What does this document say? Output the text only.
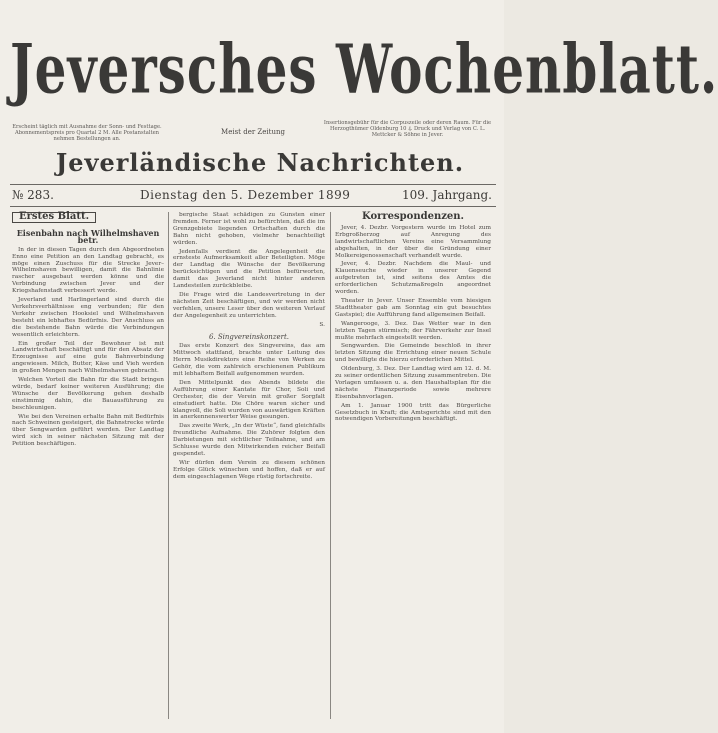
Jeversches Wochenblatt.
Erscheint täglich mit Ausnahme der Sonn- und Festtage. Abonnementspreis pro Quartal 2 M. Alle Postanstalten nehmen Bestellungen an.
Meist der Zeitung
Insertionsgebühr für die Corpuszeile oder deren Raum. Für die Herzogthümer Oldenburg 10 ₰. Druck und Verlag von C. L. Mettcker & Söhne in Jever.
Jeverländische Nachrichten.
№ 283.	Dienstag den 5. Dezember 1899	109. Jahrgang.
Erstes Blatt.
Eisenbahn nach Wilhelmshaven betr.

In der in diesen Tagen durch den Abgeordneten Enno eine Petition an den Landtag gebracht, es möge einen Zuschuss für die Strecke Jever–Wilhelmshaven bewilligen, damit die Bahnlinie rascher ausgebaut werden könne und die Verbindung zwischen Jever und der Kriegshafenstadt verbessert werde.

Jeverland und Harlingerland sind durch die Verkehrsverhältnisse eng verbunden; für den Verkehr zwischen Hooksiel und Wilhelmshaven besteht ein lebhaftes Bedürfnis. Der Anschluss an die bestehende Bahn würde die Verbindungen wesentlich erleichtern.

Ein großer Teil der Bewohner ist mit Landwirtschaft beschäftigt und für den Absatz der Erzeugnisse auf eine gute Bahnverbindung angewiesen. Milch, Butter, Käse und Vieh werden in großen Mengen nach Wilhelmshaven gebracht.

Welchen Vorteil die Bahn für die Stadt bringen würde, bedarf keiner weiteren Ausführung; die Wünsche der Bevölkerung gehen deshalb einstimmig dahin, die Bauausführung zu beschleunigen.

Wie bei den Vereinen erhalte Bahn mit Bedürfnis nach Schweinen gesteigert, die Bahnstrecke würde über Sengwarden geführt werden. Der Landtag wird sich in seiner nächsten Sitzung mit der Petition beschäftigen.

bergische Staat schädigen zu Gunsten einer fremden. Ferner ist wohl zu befürchten, daß die im Grenzgebiete liegenden Ortschaften durch die Bahn nicht gehoben, vielmehr benachteiligt würden.

Jedenfalls verdient die Angelegenheit die ernsteste Aufmerksamkeit aller Beteiligten. Möge der Landtag die Wünsche der Bevölkerung berücksichtigen und die Petition befürworten, damit das Jeverland nicht hinter anderen Landesteilen zurückbleibe.

Die Frage wird die Landesvertretung in der nächsten Zeit beschäftigen, und wir werden nicht verfehlen, unsere Leser über den weiteren Verlauf der Angelegenheit zu unterrichten.

S.
6. Singvereinskonzert.

Das erste Konzert des Singvereins, das am Mittwoch stattfand, brachte unter Leitung des Herrn Musikdirektors eine Reihe von Werken zu Gehör, die vom zahlreich erschienenen Publikum mit lebhaftem Beifall aufgenommen wurden.

Den Mittelpunkt des Abends bildete die Aufführung einer Kantate für Chor, Soli und Orchester, die der Verein mit großer Sorgfalt einstudiert hatte. Die Chöre waren sicher und klangvoll, die Soli wurden von auswärtigen Kräften in anerkennenswerter Weise gesungen.

Das zweite Werk, „In der Wüste“, fand gleichfalls freundliche Aufnahme. Die Zuhörer folgten den Darbietungen mit sichtlicher Teilnahme, und am Schlusse wurde den Mitwirkenden reicher Beifall gespendet.

Wir dürfen dem Verein zu diesem schönen Erfolge Glück wünschen und hoffen, daß er auf dem eingeschlagenen Wege rüstig fortschreite.

Korrespondenzen.

Jever, 4. Dezbr. Vorgestern wurde im Hotel zum Erbgroßherzog auf Anregung des landwirtschaftlichen Vereins eine Versammlung abgehalten, in der über die Gründung einer Molkereigenossenschaft verhandelt wurde.

Jever, 4. Dezbr. Nachdem die Maul- und Klauenseuche wieder in unserer Gegend aufgetreten ist, sind seitens des Amtes die erforderlichen Schutzmaßregeln angeordnet worden.

Theater in Jever. Unser Ensemble vom hiesigen Stadttheater gab am Sonntag ein gut besuchtes Gastspiel; die Aufführung fand allgemeinen Beifall.

Wangerooge, 3. Dez. Das Wetter war in den letzten Tagen stürmisch; der Fährverkehr zur Insel mußte mehrfach eingestellt werden.

Sengwarden. Die Gemeinde beschloß in ihrer letzten Sitzung die Errichtung einer neuen Schule und bewilligte die hierzu erforderlichen Mittel.

Oldenburg, 3. Dez. Der Landtag wird am 12. d. M. zu seiner ordentlichen Sitzung zusammentreten. Die Vorlagen umfassen u. a. den Haushaltsplan für die nächste Finanzperiode sowie mehrere Eisenbahnvorlagen.

Am 1. Januar 1900 tritt das Bürgerliche Gesetzbuch in Kraft; die Amtsgerichte sind mit den notwendigen Vorbereitungen beschäftigt.
